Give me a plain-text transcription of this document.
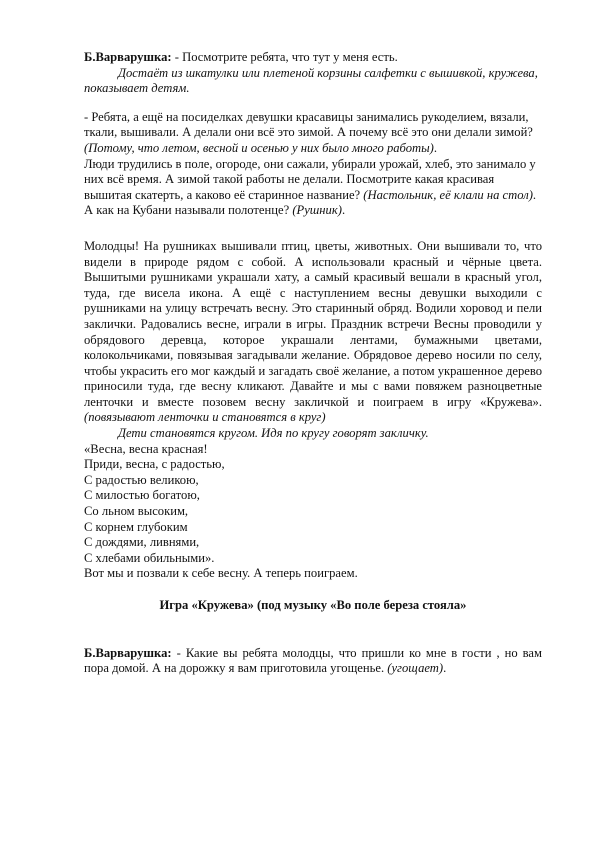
Б.Варварушка: - Посмотрите ребята, что тут у меня есть.

Достаёт из шкатулки или плетеной корзины салфетки с вышивкой, кружева, показывает детям.

- Ребята, а ещё на посиделках девушки красавицы занимались рукоделием, вязали, ткали, вышивали. А делали они всё это зимой. А почему всё это они делали зимой? (Потому, что летом, весной и осенью у них было много работы).

Люди трудились в поле, огороде, они сажали, убирали урожай, хлеб, это занимало у них всё время. А зимой такой работы не делали. Посмотрите какая красивая вышитая скатерть, а каково её старинное название? (Настольник, её клали на стол).

А как на Кубани называли полотенце? (Рушник).

Молодцы! На рушниках вышивали птиц, цветы, животных. Они вышивали то, что видели в природе рядом с собой. А использовали красный и чёрные цвета. Вышитыми рушниками украшали хату, а самый красивый вешали в красный угол, туда, где висела икона. А ещё с наступлением весны девушки выходили с рушниками на улицу встречать весну. Это старинный обряд. Водили хоровод и пели заклички. Радовались весне, играли в игры. Праздник встречи Весны проводили у обрядового деревца, которое украшали лентами, бумажными цветами, колокольчиками, повязывая загадывали желание. Обрядовое дерево носили по селу, чтобы украсить его мог каждый и загадать своё желание, а потом украшенное дерево приносили туда, где весну кликают. Давайте и мы с вами повяжем разноцветные ленточки и вместе позовем весну закличкой и поиграем в игру «Кружева». (повязывают ленточки и становятся в круг)

Дети становятся кругом. Идя по кругу говорят закличку.

«Весна, весна красная!

Приди, весна, с радостью,

С радостью великою,

С милостью богатою,

Со льном высоким,

С корнем глубоким

С дождями, ливнями,

С хлебами обильными».

Вот мы и позвали к себе весну. А теперь поиграем.

Игра «Кружева» (под музыку «Во поле береза стояла»

Б.Варварушка: - Какие вы ребята молодцы, что пришли ко мне в гости , но вам пора домой. А на дорожку я вам приготовила угощенье. (угощает).
